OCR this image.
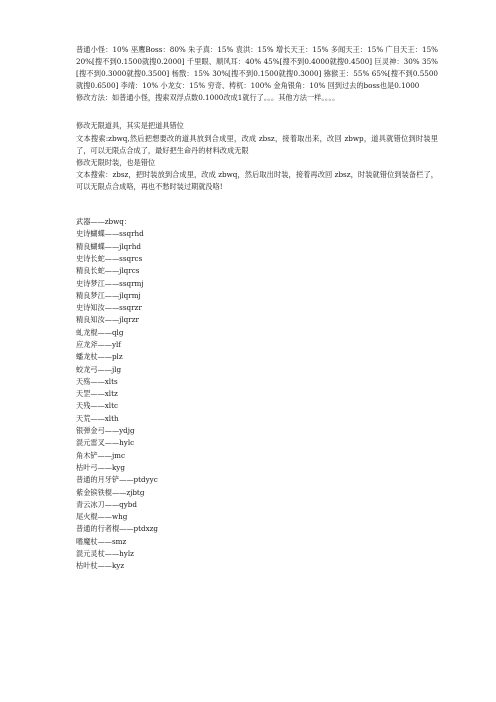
普通小怪：10% 巫鹰Boss：80% 朱子真：15% 袁洪：15% 增长天王：15% 多闻天王：15% 广目天王：15% 20%[搜不到0.1500就搜0.2000] 千里眼、顺风耳：40% 45%[搜不到0.4000就搜0.4500] 巨灵神：30% 35%[搜不到0.3000就搜0.3500] 杨戬：15% 30%[搜不到0.1500就搜0.3000] 猕猴王：55% 65%[搜不到0.5500就搜0.6500] 李靖：10% 小龙女：15% 穷奇、梼杌：100% 金角银角：10% 回到过去的boss也是0.1000

修改方法：如普通小怪，搜索双浮点数0.1000改成1就行了。。。其他方法一样。。。。

修改无限道具，其实是把道具错位

文本搜索:zbwq,然后把想要改的道具放到合成里，改成 zbsz，接着取出来，改回 zbwp，道具就错位到时装里了，可以无限点合成了，最好把生命丹的材料改成无限

修改无限时装，也是错位

文本搜索：zbsz，把时装放到合成里，改成 zbwq，然后取出时装，接着再改回 zbsz，时装就错位到装备栏了，可以无限点合成咯，再也不愁时装过期就没咯!

武器——zbwq：
史诗蝴蝶——ssqrhd
精良蝴蝶——jlqrhd
史诗长蛇——ssqrcs
精良长蛇——jlqrcs
史诗梦江——ssqrmj
精良梦江——jlqrmj
史诗知汝——ssqrzr
精良知汝——jlqrzr
虬龙棍——qlg
应龙斧——ylf
蟠龙杖——plz
蛟龙弓——jlg
天殇——xlts
天罡——xltz
天残——xltc
天荒——xlth
银弹金弓——ydjg
混元雷叉——hylc
角木铲——jmc
枯叶弓——kyg
普通的月牙铲——ptdyyc
紫金镔铁棍——zjbtg
青云冰刀——qybd
尾火棍——whg
普通的行者棍——ptdxzg
嗜魔杖——smz
混元灵杖——hylz
枯叶杖——kyz
